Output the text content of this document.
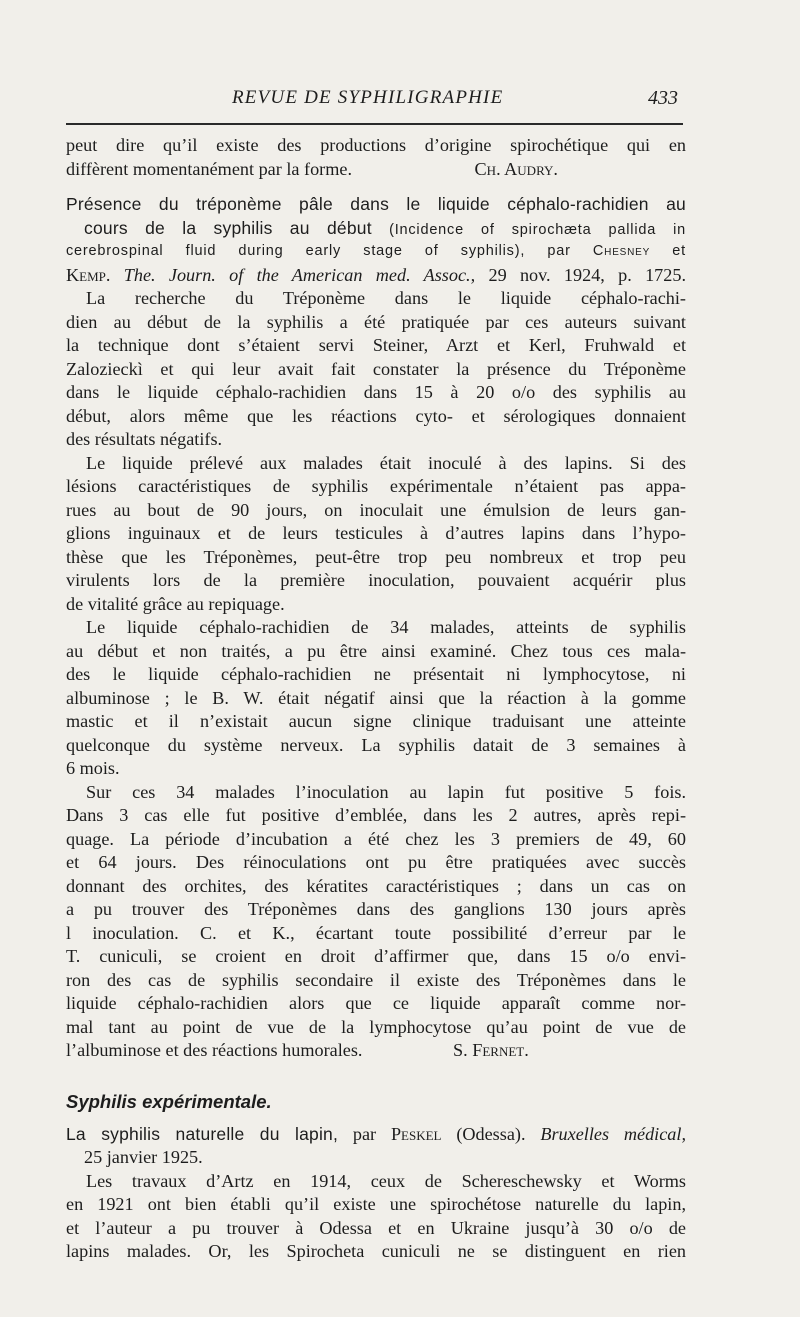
REVUE DE SYPHILIGRAPHIE	433
peut dire qu’il existe des productions d’origine spirochétique qui en
diffèrent momentanément par la forme.	Ch. Audry.
Présence du tréponème pâle dans le liquide céphalo-rachidien au
cours de la syphilis au début (Incidence of spirochæta pallida in
cerebrospinal fluid during early stage of syphilis), par Chesney et
Kemp. The. Journ. of the American med. Assoc., 29 nov. 1924, p. 1725.
La recherche du Tréponème dans le liquide céphalo-rachi-
dien au début de la syphilis a été pratiquée par ces auteurs suivant
la technique dont s’étaient servi Steiner, Arzt et Kerl, Fruhwald et
Zalozieckì et qui leur avait fait constater la présence du Tréponème
dans le liquide céphalo-rachidien dans 15 à 20 o/o des syphilis au
début, alors même que les réactions cyto- et sérologiques donnaient
des résultats négatifs.
Le liquide prélevé aux malades était inoculé à des lapins. Si des
lésions caractéristiques de syphilis expérimentale n’étaient pas appa-
rues au bout de 90 jours, on inoculait une émulsion de leurs gan-
glions inguinaux et de leurs testicules à d’autres lapins dans l’hypo-
thèse que les Tréponèmes, peut-être trop peu nombreux et trop peu
virulents lors de la première inoculation, pouvaient acquérir plus
de vitalité grâce au repiquage.
Le liquide céphalo-rachidien de 34 malades, atteints de syphilis
au début et non traités, a pu être ainsi examiné. Chez tous ces mala-
des le liquide céphalo-rachidien ne présentait ni lymphocytose, ni
albuminose ; le B. W. était négatif ainsi que la réaction à la gomme
mastic et il n’existait aucun signe clinique traduisant une atteinte
quelconque du système nerveux. La syphilis datait de 3 semaines à
6 mois.
Sur ces 34 malades l’inoculation au lapin fut positive 5 fois.
Dans 3 cas elle fut positive d’emblée, dans les 2 autres, après repi-
quage. La période d’incubation a été chez les 3 premiers de 49, 60
et 64 jours. Des réinoculations ont pu être pratiquées avec succès
donnant des orchites, des kératites caractéristiques ; dans un cas on
a pu trouver des Tréponèmes dans des ganglions 130 jours après
l inoculation. C. et K., écartant toute possibilité d’erreur par le
T. cuniculi, se croient en droit d’affirmer que, dans 15 o/o envi-
ron des cas de syphilis secondaire il existe des Tréponèmes dans le
liquide céphalo-rachidien alors que ce liquide apparaît comme nor-
mal tant au point de vue de la lymphocytose qu’au point de vue de
l’albuminose et des réactions humorales.	S. Fernet.
Syphilis expérimentale.
La syphilis naturelle du lapin, par Peskel (Odessa). Bruxelles médical,
25 janvier 1925.
Les travaux d’Artz en 1914, ceux de Schereschewsky et Worms
en 1921 ont bien établi qu’il existe une spirochétose naturelle du lapin,
et l’auteur a pu trouver à Odessa et en Ukraine jusqu’à 30 o/o de
lapins malades. Or, les Spirocheta cuniculi ne se distinguent en rien
